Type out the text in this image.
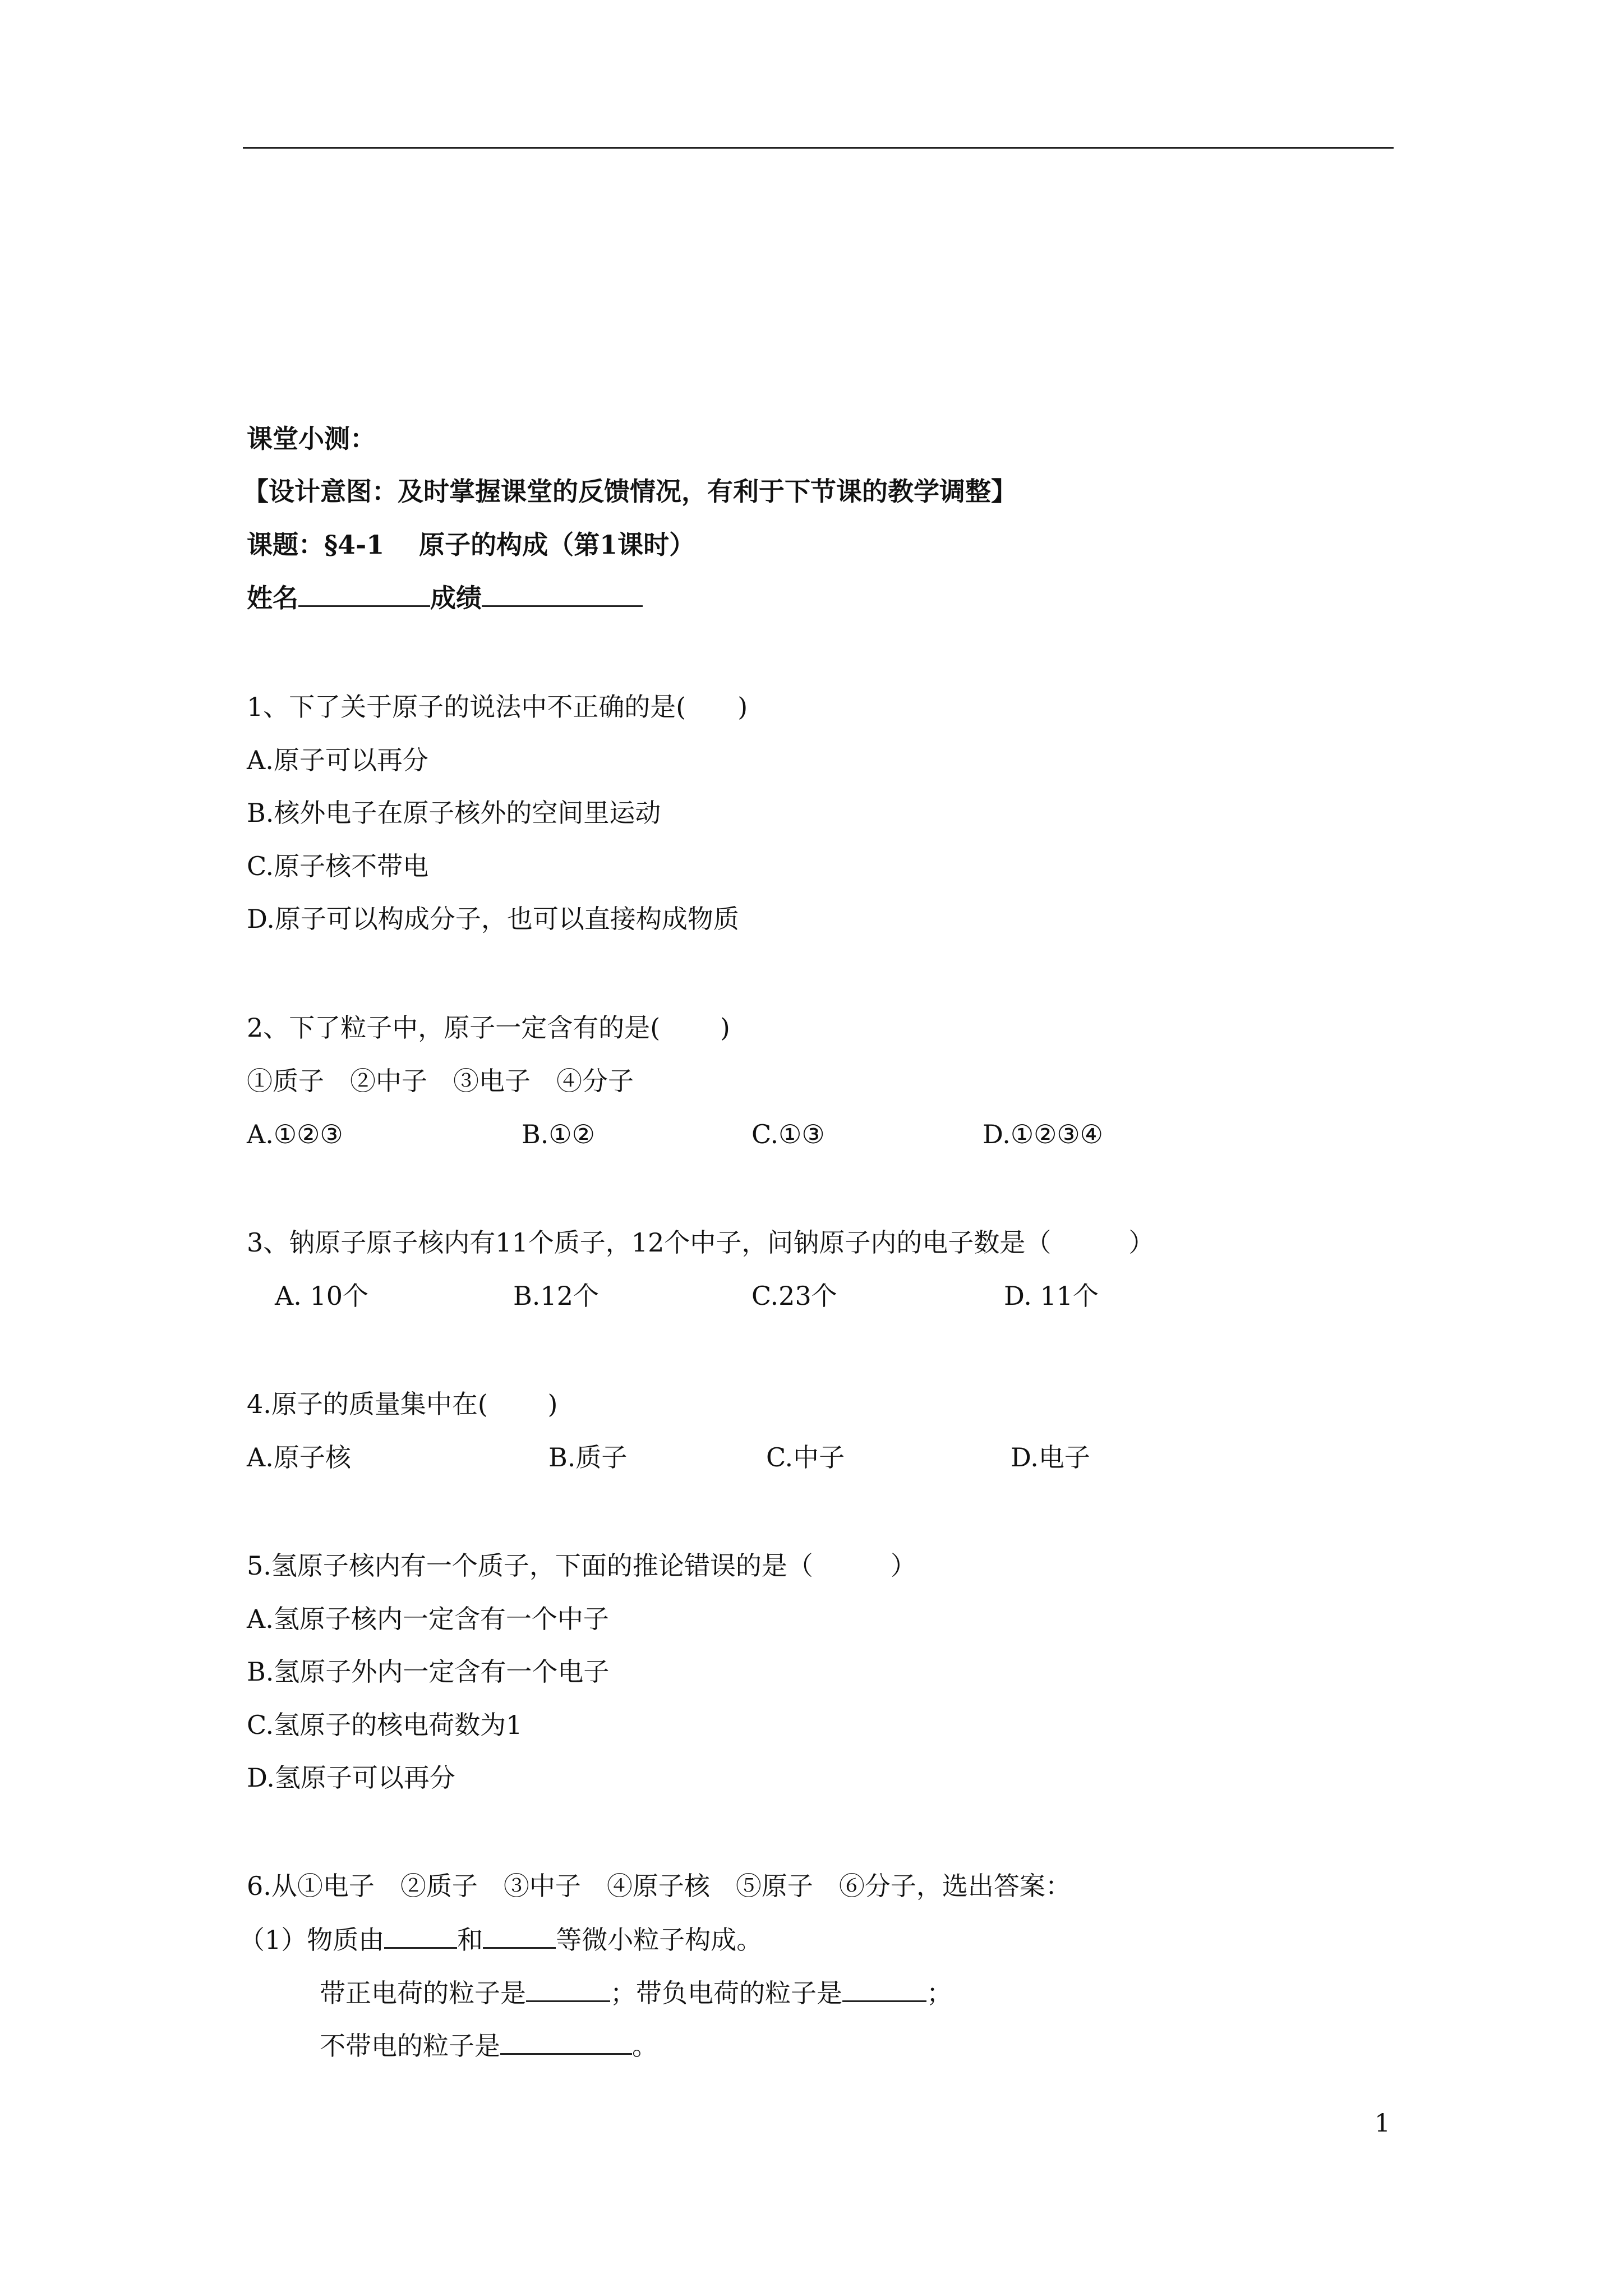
课堂小测：
【设计意图：及时掌握课堂的反馈情况，有利于下节课的教学调整】
课题：§4-1　 原子的构成（第1课时）
姓名	成绩
1、下了关于原子的说法中不正确的是(　　)
A.原子可以再分
B.核外电子在原子核外的空间里运动
C.原子核不带电
D.原子可以构成分子，也可以直接构成物质
2、下了粒子中，原子一定含有的是(　　 )
①质子　②中子　③电子　④分子
A.①②③	B.①②	C.①③	D.①②③④
3、钠原子原子核内有11个质子，12个中子，问钠原子内的电子数是（　　　）
A. 10个	B.12个	C.23个	D. 11个
4.原子的质量集中在(　　 )
A.原子核	B.质子	C.中子	D.电子
5.氢原子核内有一个质子，下面的推论错误的是（　　　）
A.氢原子核内一定含有一个中子
B.氢原子外内一定含有一个电子
C.氢原子的核电荷数为1
D.氢原子可以再分
6.从①电子　②质子　③中子　④原子核　⑤原子　⑥分子，选出答案：
（1）物质由	和	等微小粒子构成。
带正电荷的粒子是	；带负电荷的粒子是	；
不带电的粒子是	。
1
